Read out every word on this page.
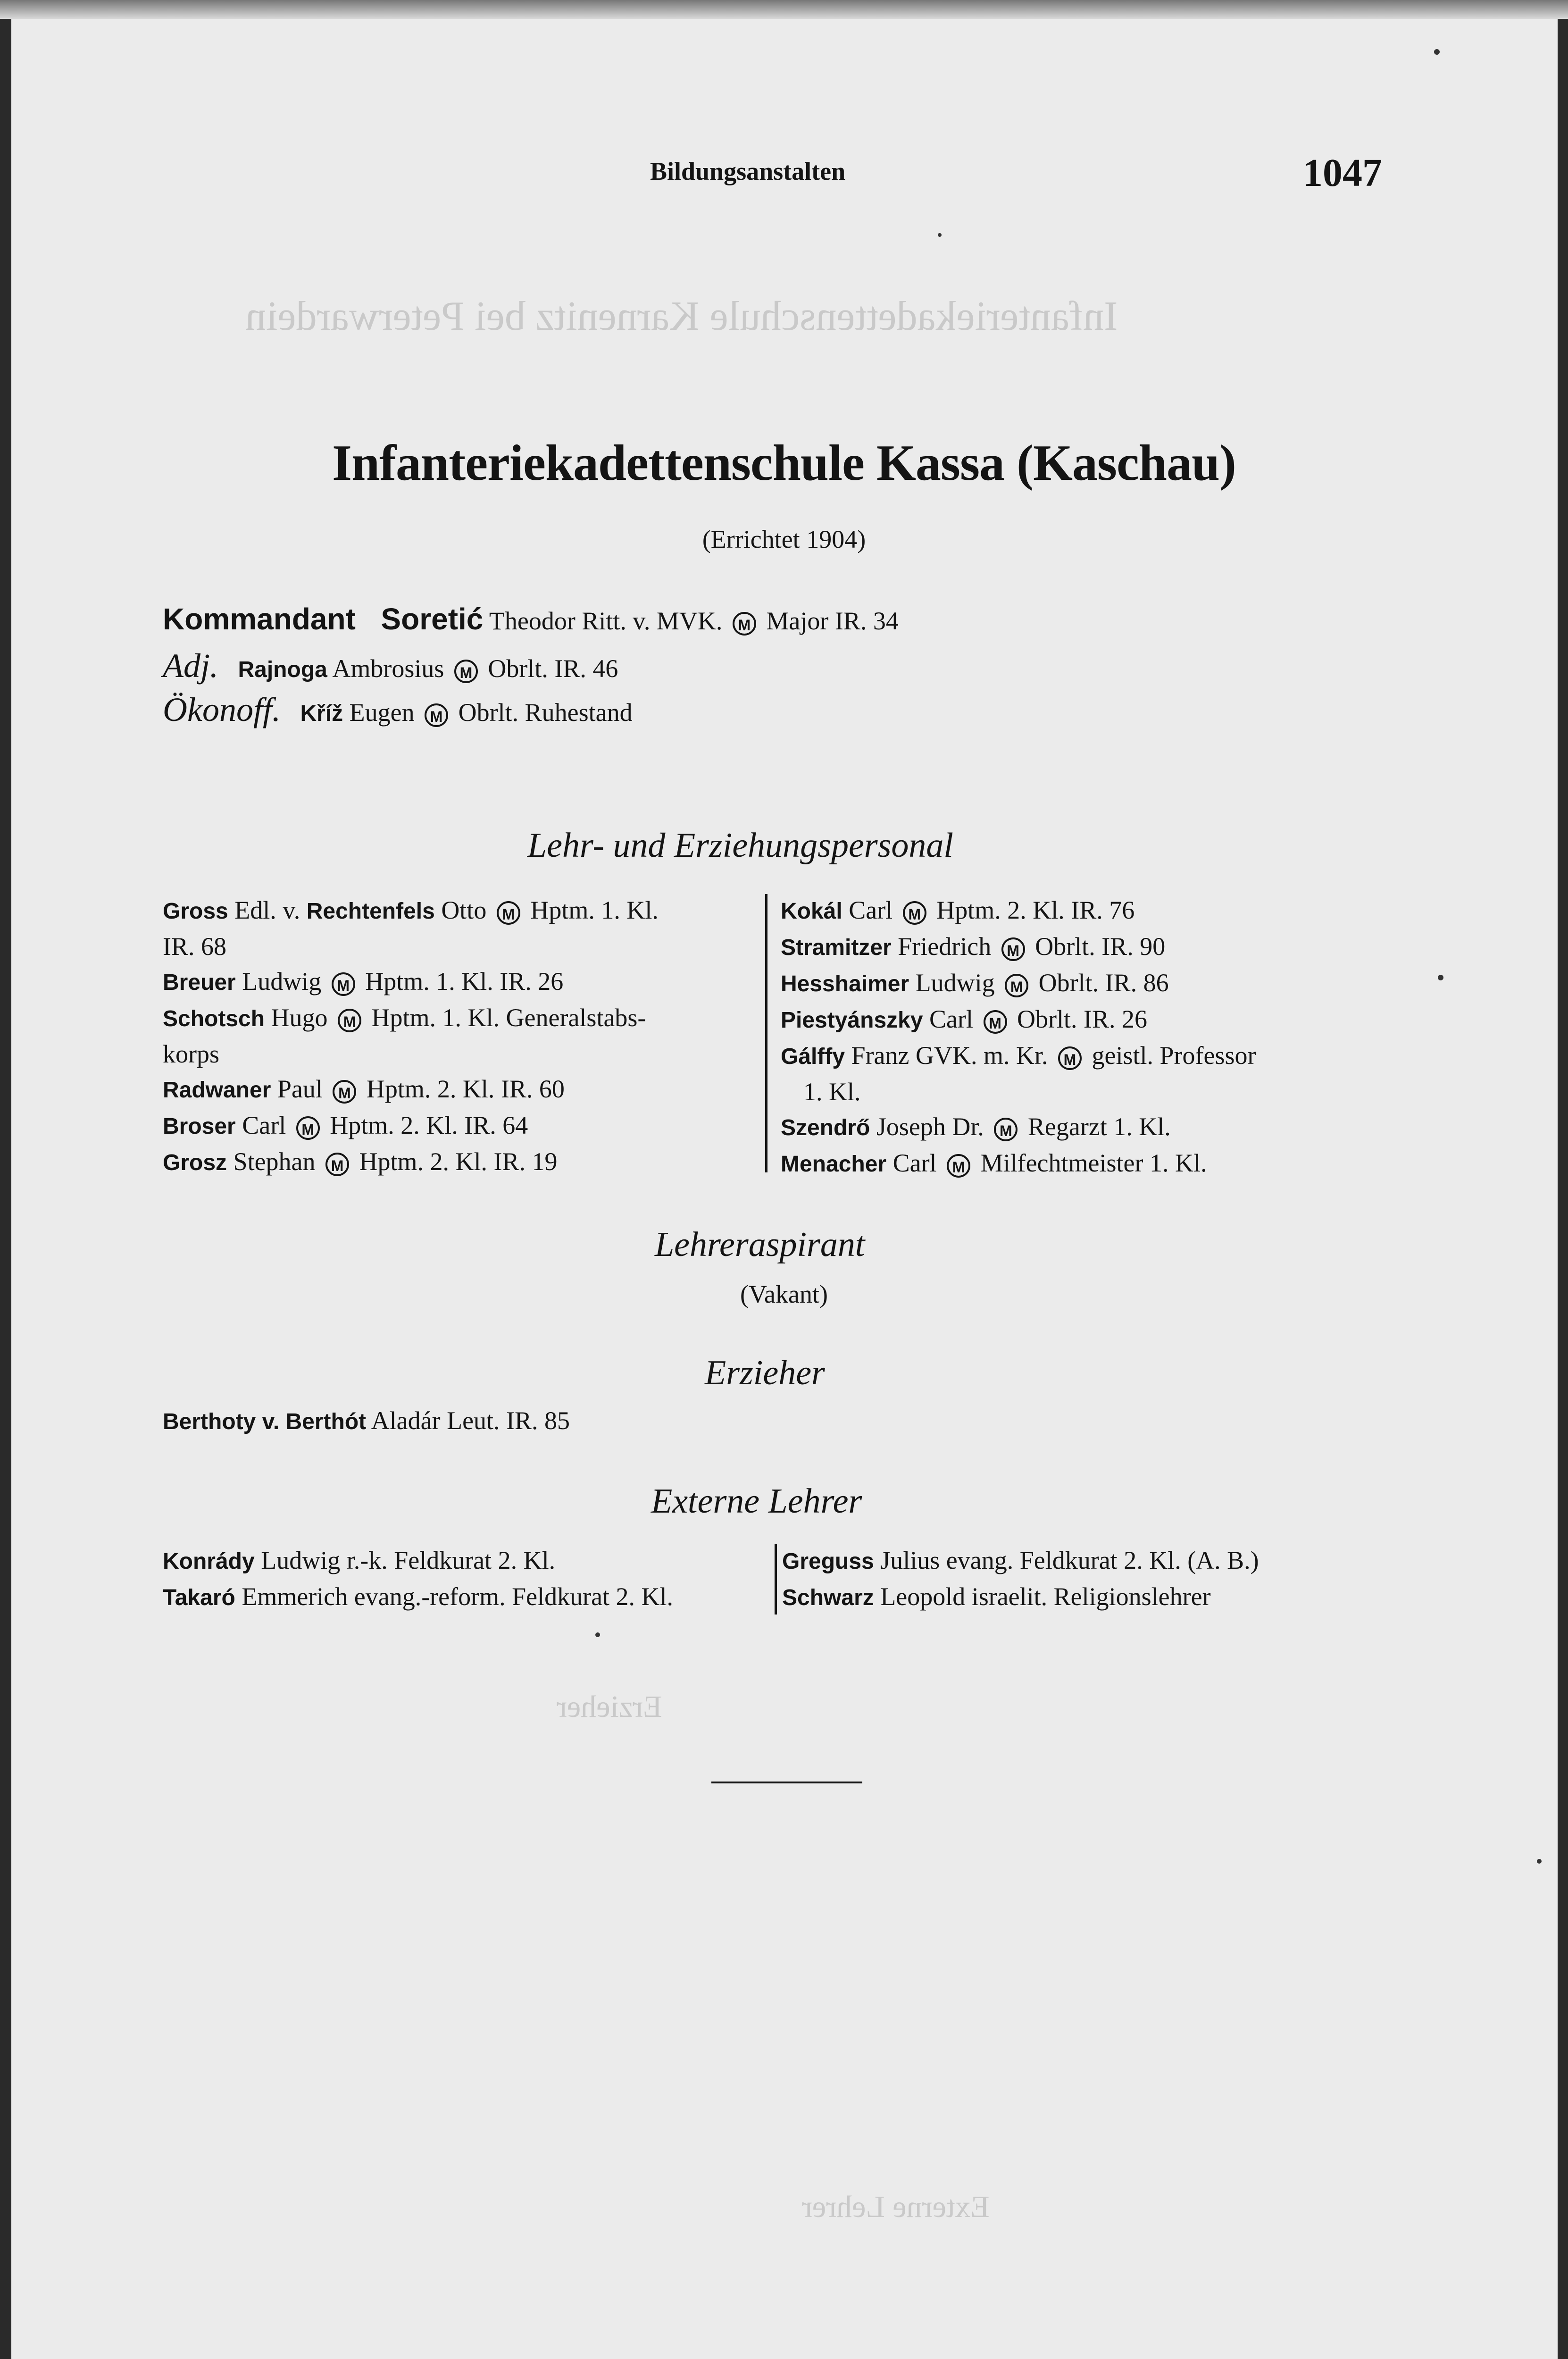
Infanteriekadettenschule Karnenitz bei Peterwardein
Erzieher
Externe Lehrer
Bildungsanstalten	1047
Infanteriekadettenschule Kassa (Kaschau)
(Errichtet 1904)
Kommandant Soretić Theodor Ritt. v. MVK. M Major IR. 34
Adj. Rajnoga Ambrosius M Obrlt. IR. 46
Ökonoff. Kříž Eugen M Obrlt. Ruhestand
Lehr- und Erziehungspersonal
Gross Edl. v. Rechtenfels Otto M Hptm. 1. Kl.
IR. 68
Breuer Ludwig M Hptm. 1. Kl. IR. 26
Schotsch Hugo M Hptm. 1. Kl. Generalstabs-
korps
Radwaner Paul M Hptm. 2. Kl. IR. 60
Broser Carl M Hptm. 2. Kl. IR. 64
Grosz Stephan M Hptm. 2. Kl. IR. 19
Kokál Carl M Hptm. 2. Kl. IR. 76
Stramitzer Friedrich M Obrlt. IR. 90
Hesshaimer Ludwig M Obrlt. IR. 86
Piestyánszky Carl M Obrlt. IR. 26
Gálffy Franz GVK. m. Kr. M geistl. Professor
1. Kl.
Szendrő Joseph Dr. M Regarzt 1. Kl.
Menacher Carl M Milfechtmeister 1. Kl.
Lehreraspirant
(Vakant)
Erzieher
Berthoty v. Berthót Aladár Leut. IR. 85
Externe Lehrer
Konrády Ludwig r.-k. Feldkurat 2. Kl.
Takaró Emmerich evang.-reform. Feldkurat 2. Kl.
Greguss Julius evang. Feldkurat 2. Kl. (A. B.)
Schwarz Leopold israelit. Religionslehrer
